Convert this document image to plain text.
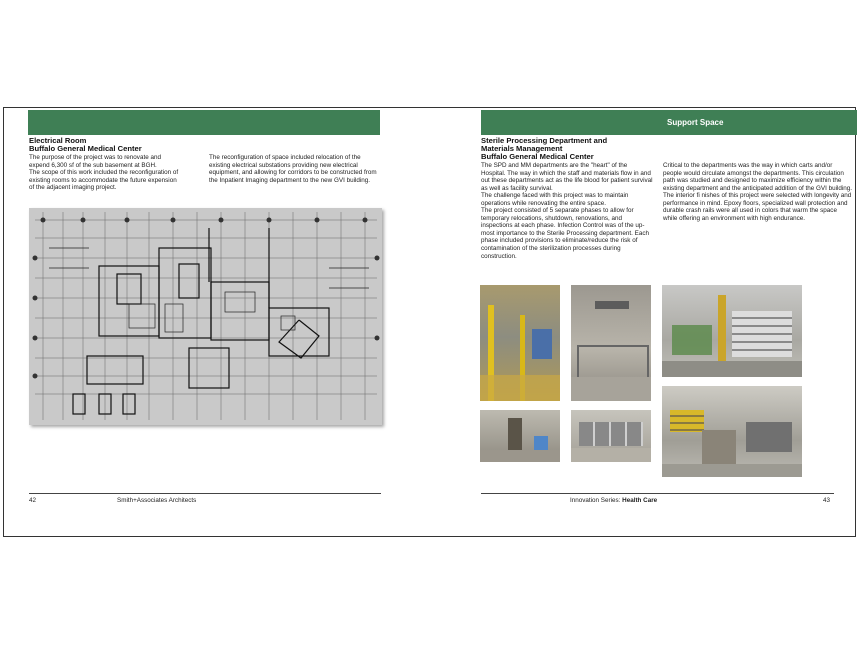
Support Space
Electrical Room
Buffalo General Medical Center

The purpose of the project was to renovate and expend 6,300 sf of the sub basement at BGH.

The scope of this work included the reconfiguration of existing rooms to accommodate the future expension of the adjacent imaging project.

The reconfiguration of space included relocation of the existing electrical substations providing new electrical equipment, and allowing for corridors to be constructed from the Inpatient Imaging department to the new GVI building.

42	Smith+Associates Architects
Sterile Processing Department and
Materials Management
Buffalo General Medical Center

The SPD and MM departments are the "heart" of the Hospital. The way in which the staff and materials flow in and out these departments act as the life blood for patient survival as well as facility survival.

The challenge faced with this project was to maintain operations while renovating the entire space.

The project consisted of 5 separate phases to allow for temporary relocations, shutdown, renovations, and inspections at each phase. Infection Control was of the up-most importance to the Sterile Processing department. Each phase included provisions to eliminate/reduce the risk of contamination of the sterilization processes during construction.

Critical to the departments was the way in which carts and/or people would circulate amongst the departments. This circulation path was studied and designed to maximize efficiency within the existing department and the anticipated addition of the GVI building. The interior fi nishes of this project were selected with longevity and performance in mind. Epoxy floors, specialized wall protection and durable crash rails were all used in colors that warm the space while offering an environment with high endurance.

Innovation Series: Health Care	43
